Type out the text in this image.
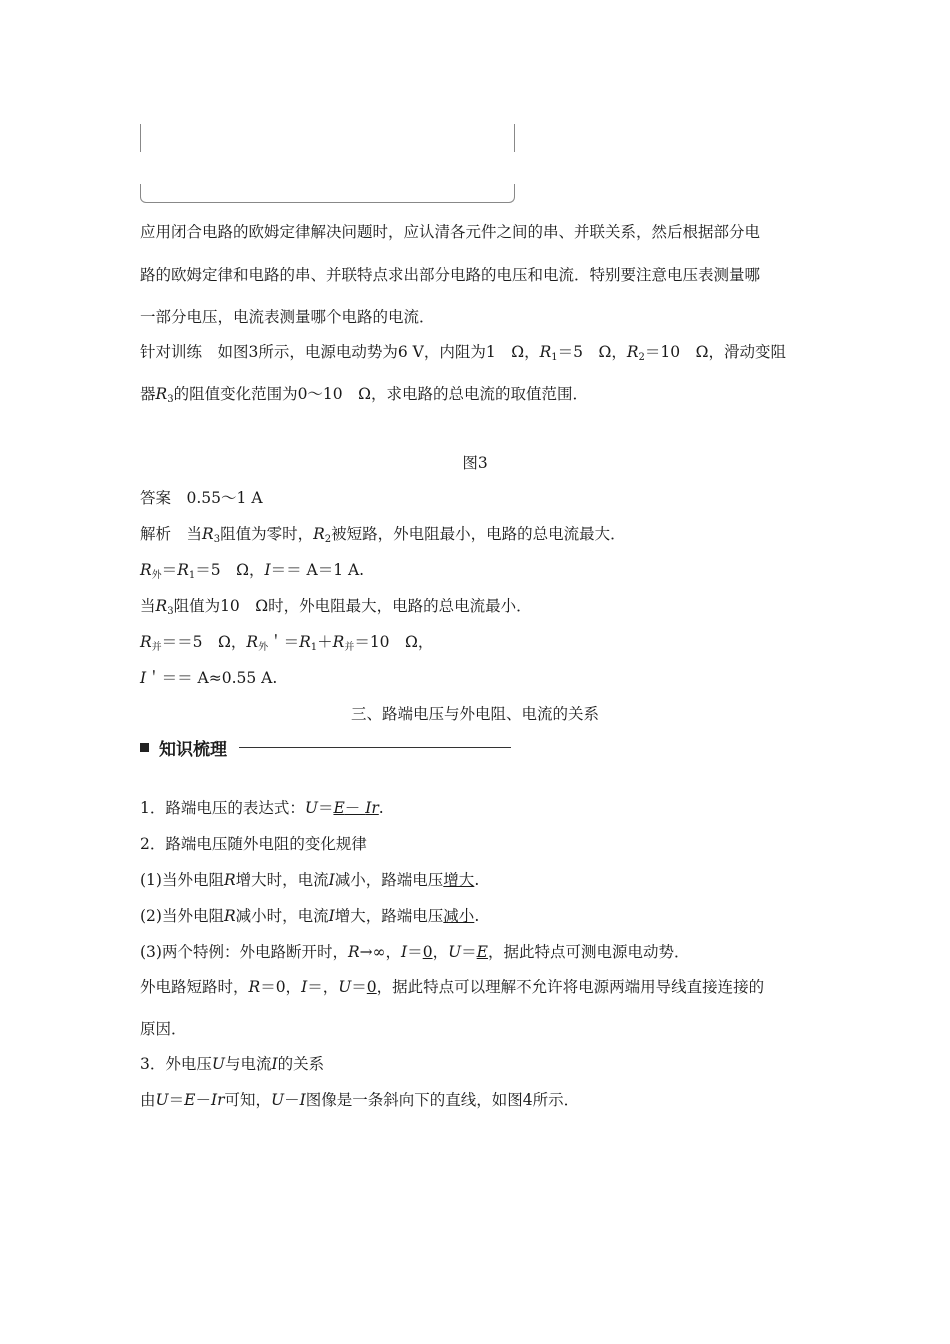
应用闭合电路的欧姆定律解决问题时，应认清各元件之间的串、并联关系，然后根据部分电
路的欧姆定律和电路的串、并联特点求出部分电路的电压和电流．特别要注意电压表测量哪
一部分电压，电流表测量哪个电路的电流．
针对训练　如图3所示，电源电动势为6 V，内阻为1　Ω，$R_1=5$　Ω，$R_2=10$　Ω，滑动变阻
器$R_3$的阻值变化范围为0～10　Ω，求电路的总电流的取值范围．
图3
答案　0.55～1 A
解析　当$R_3$阻值为零时，$R_2$被短路，外电阻最小，电路的总电流最大．
$R_外=R_1=5$　Ω，I＝＝ A＝1 A.
当$R_3$阻值为10　Ω时，外电阻最大，电路的总电流最小．
$R_并==5$　Ω，$R_外$＇$=R_1+R_并=10$　Ω，
I＇＝＝ A≈0.55 A.
三、路端电压与外电阻、电流的关系
知识梳理
1．路端电压的表达式：U＝E－ Ir.
2．路端电压随外电阻的变化规律
(1)当外电阻R增大时，电流I减小，路端电压增大.
(2)当外电阻R减小时，电流I增大，路端电压减小.
(3)两个特例：外电路断开时，R→∞，I＝0，U＝E，据此特点可测电源电动势．
外电路短路时，R＝0，I＝，U＝0，据此特点可以理解不允许将电源两端用导线直接连接的
原因．
3．外电压U与电流I的关系
由U＝E－Ir可知，U－I图像是一条斜向下的直线，如图4所示．
